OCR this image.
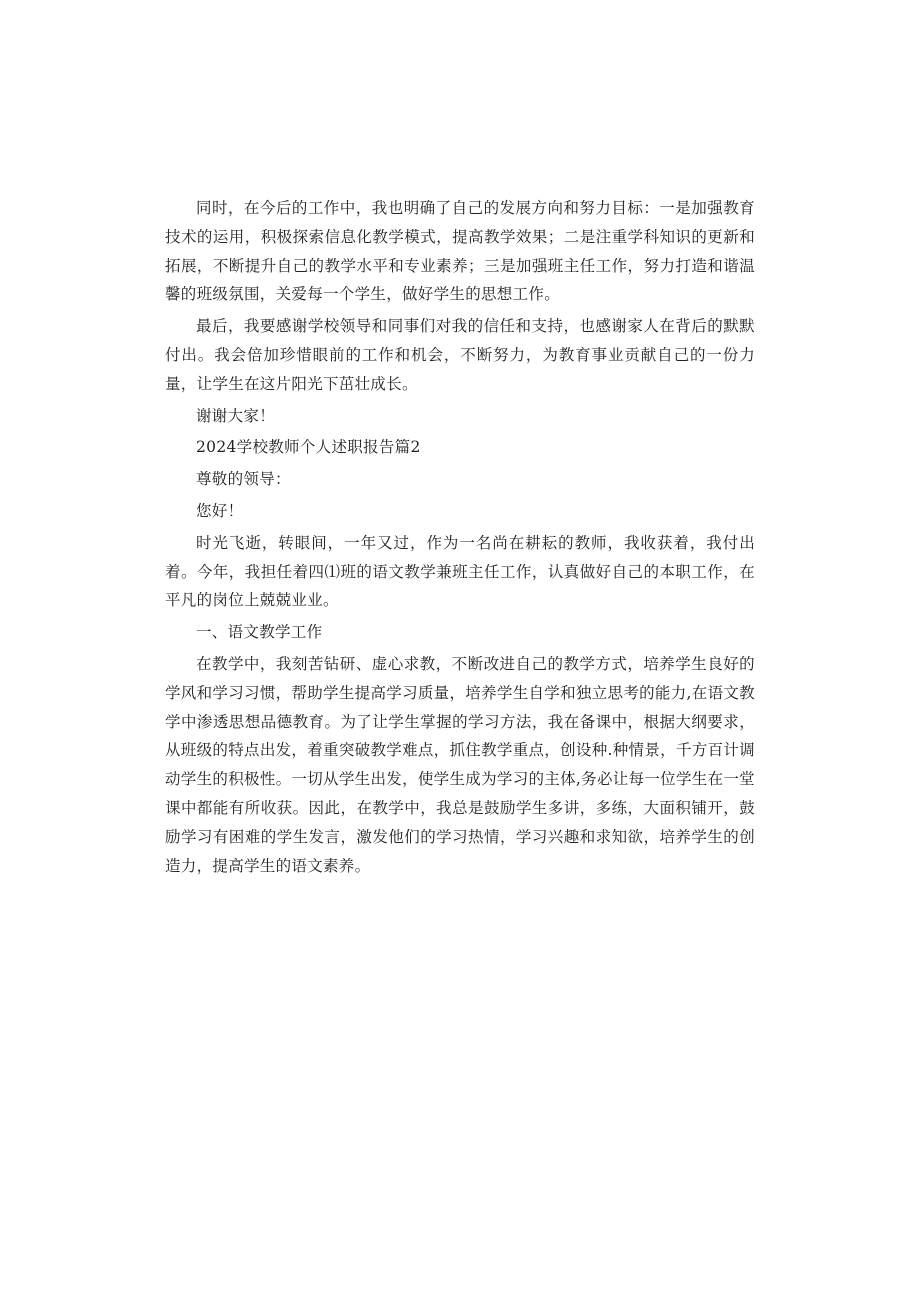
同时，在今后的工作中，我也明确了自己的发展方向和努力目标：一是加强教育技术的运用，积极探索信息化教学模式，提高教学效果；二是注重学科知识的更新和拓展，不断提升自己的教学水平和专业素养；三是加强班主任工作，努力打造和谐温馨的班级氛围，关爱每一个学生，做好学生的思想工作。

最后，我要感谢学校领导和同事们对我的信任和支持，也感谢家人在背后的默默付出。我会倍加珍惜眼前的工作和机会，不断努力，为教育事业贡献自己的一份力量，让学生在这片阳光下茁壮成长。

谢谢大家！

2024学校教师个人述职报告篇2

尊敬的领导：

您好！

时光飞逝，转眼间，一年又过，作为一名尚在耕耘的教师，我收获着，我付出着。今年，我担任着四⑴班的语文教学兼班主任工作，认真做好自己的本职工作，在平凡的岗位上兢兢业业。

一、语文教学工作

在教学中，我刻苦钻研、虚心求教，不断改进自己的教学方式，培养学生良好的学风和学习习惯，帮助学生提高学习质量，培养学生自学和独立思考的能力,在语文教学中渗透思想品德教育。为了让学生掌握的学习方法，我在备课中，根据大纲要求，从班级的特点出发，着重突破教学难点，抓住教学重点，创设种.种情景，千方百计调动学生的积极性。一切从学生出发，使学生成为学习的主体,务必让每一位学生在一堂课中都能有所收获。因此，在教学中，我总是鼓励学生多讲，多练，大面积铺开，鼓励学习有困难的学生发言，激发他们的学习热情，学习兴趣和求知欲，培养学生的创造力，提高学生的语文素养。
